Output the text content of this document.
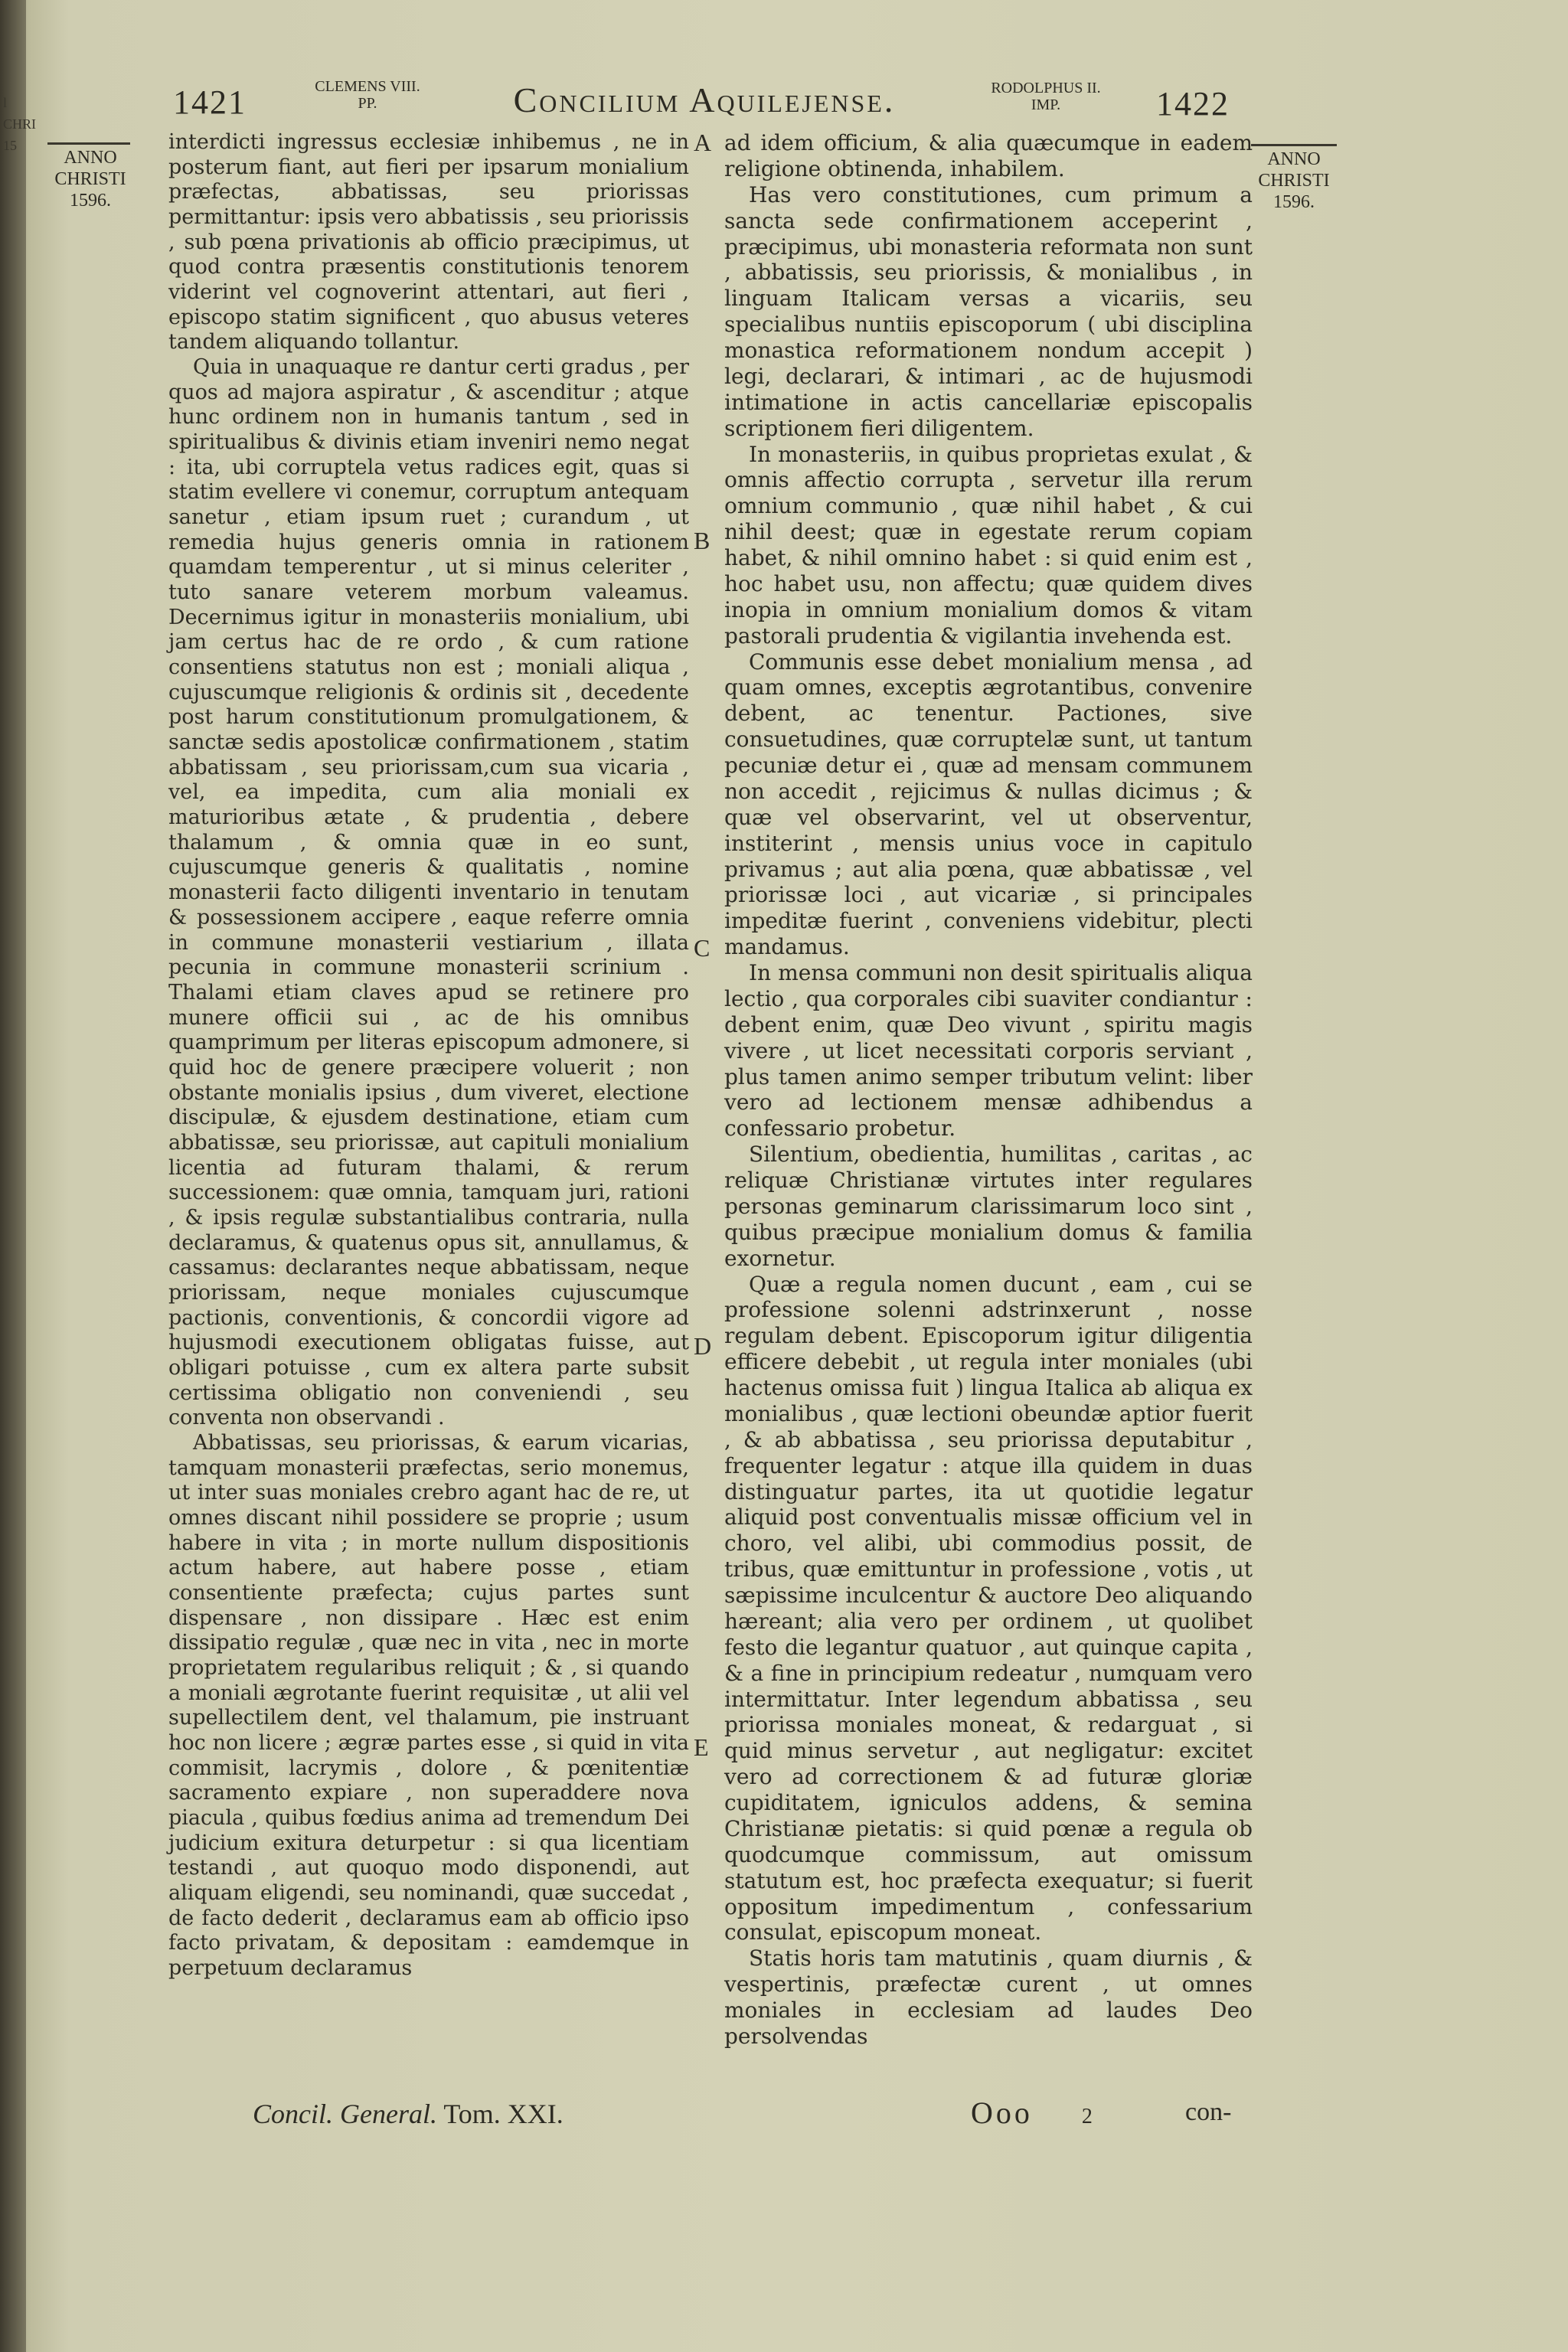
l
CHRI
15
1421	CLEMENS VIII.
PP.	Concilium Aquilejense.	RODOLPHUS II.
IMP.	1422
ANNO
CHRISTI
1596.
ANNO
CHRISTI
1596.

interdicti ingressus ecclesiæ inhibemus , ne in posterum fiant, aut fieri per ipsarum monialium præfectas, abbatissas, seu priorissas permittantur: ipsis vero abbatissis , seu priorissis , sub pœna privationis ab officio præcipimus, ut quod contra præsentis constitutionis tenorem viderint vel cognoverint attentari, aut fieri , episcopo statim significent , quo abusus veteres tandem aliquando tollantur.

Quia in unaquaque re dantur certi gradus , per quos ad majora aspiratur , & ascenditur ; atque hunc ordinem non in humanis tantum , sed in spiritualibus & divinis etiam inveniri nemo negat : ita, ubi corruptela vetus radices egit, quas si statim evellere vi conemur, corruptum antequam sanetur , etiam ipsum ruet ; curandum , ut remedia hujus generis omnia in rationem quamdam temperentur , ut si minus celeriter , tuto sanare veterem morbum valeamus. Decernimus igitur in monasteriis monialium, ubi jam certus hac de re ordo , & cum ratione consentiens statutus non est ; moniali aliqua , cujuscumque religionis & ordinis sit , decedente post harum constitutionum promulgationem, & sanctæ sedis apostolicæ confirmationem , statim abbatissam , seu priorissam,cum sua vicaria , vel, ea impedita, cum alia moniali ex maturioribus ætate , & prudentia , debere thalamum , & omnia quæ in eo sunt, cujuscumque generis & qualitatis , nomine monasterii facto diligenti inventario in tenutam & possessionem accipere , eaque referre omnia in commune monasterii vestiarium , illata pecunia in commune monasterii scrinium . Thalami etiam claves apud se retinere pro munere officii sui , ac de his omnibus quamprimum per literas episcopum admonere, si quid hoc de genere præcipere voluerit ; non obstante monialis ipsius , dum viveret, electione discipulæ, & ejusdem destinatione, etiam cum abbatissæ, seu priorissæ, aut capituli monialium licentia ad futuram thalami, & rerum successionem: quæ omnia, tamquam juri, rationi , & ipsis regulæ substantialibus contraria, nulla declaramus, & quatenus opus sit, annullamus, & cassamus: declarantes neque abbatissam, neque priorissam, neque moniales cujuscumque pactionis, conventionis, & concordii vigore ad hujusmodi executionem obligatas fuisse, aut obligari potuisse , cum ex altera parte subsit certissima obligatio non conveniendi , seu conventa non observandi .

Abbatissas, seu priorissas, & earum vicarias, tamquam monasterii præfectas, serio monemus, ut inter suas moniales crebro agant hac de re, ut omnes discant nihil possidere se proprie ; usum habere in vita ; in morte nullum dispositionis actum habere, aut habere posse , etiam consentiente præfecta; cujus partes sunt dispensare , non dissipare . Hæc est enim dissipatio regulæ , quæ nec in vita , nec in morte proprietatem regularibus reliquit ; & , si quando a moniali ægrotante fuerint requisitæ , ut alii vel supellectilem dent, vel thalamum, pie instruant hoc non licere ; ægræ partes esse , si quid in vita commisit, lacrymis , dolore , & pœnitentiæ sacramento expiare , non superaddere nova piacula , quibus fœdius anima ad tremendum Dei judicium exitura deturpetur : si qua licentiam testandi , aut quoquo modo disponendi, aut aliquam eligendi, seu nominandi, quæ succedat , de facto dederit , declaramus eam ab officio ipso facto privatam, & depositam : eamdemque in perpetuum declaramus

A
B
C
D
E

ad idem officium, & alia quæcumque in eadem religione obtinenda, inhabilem.

Has vero constitutiones, cum primum a sancta sede confirmationem acceperint , præcipimus, ubi monasteria reformata non sunt , abbatissis, seu priorissis, & monialibus , in linguam Italicam versas a vicariis, seu specialibus nuntiis episcoporum ( ubi disciplina monastica reformationem nondum accepit ) legi, declarari, & intimari , ac de hujusmodi intimatione in actis cancellariæ episcopalis scriptionem fieri diligentem.

In monasteriis, in quibus proprietas exulat , & omnis affectio corrupta , servetur illa rerum omnium communio , quæ nihil habet , & cui nihil deest; quæ in egestate rerum copiam habet, & nihil omnino habet : si quid enim est , hoc habet usu, non affectu; quæ quidem dives inopia in omnium monialium domos & vitam pastorali prudentia & vigilantia invehenda est.

Communis esse debet monialium mensa , ad quam omnes, exceptis ægrotantibus, convenire debent, ac tenentur. Pactiones, sive consuetudines, quæ corruptelæ sunt, ut tantum pecuniæ detur ei , quæ ad mensam communem non accedit , rejicimus & nullas dicimus ; & quæ vel observarint, vel ut observentur, institerint , mensis unius voce in capitulo privamus ; aut alia pœna, quæ abbatissæ , vel priorissæ loci , aut vicariæ , si principales impeditæ fuerint , conveniens videbitur, plecti mandamus.

In mensa communi non desit spiritualis aliqua lectio , qua corporales cibi suaviter condiantur : debent enim, quæ Deo vivunt , spiritu magis vivere , ut licet necessitati corporis serviant , plus tamen animo semper tributum velint: liber vero ad lectionem mensæ adhibendus a confessario probetur.

Silentium, obedientia, humilitas , caritas , ac reliquæ Christianæ virtutes inter regulares personas geminarum clarissimarum loco sint , quibus præcipue monialium domus & familia exornetur.

Quæ a regula nomen ducunt , eam , cui se professione solenni adstrinxerunt , nosse regulam debent. Episcoporum igitur diligentia efficere debebit , ut regula inter moniales (ubi hactenus omissa fuit ) lingua Italica ab aliqua ex monialibus , quæ lectioni obeundæ aptior fuerit , & ab abbatissa , seu priorissa deputabitur , frequenter legatur : atque illa quidem in duas distinguatur partes, ita ut quotidie legatur aliquid post conventualis missæ officium vel in choro, vel alibi, ubi commodius possit, de tribus, quæ emittuntur in professione , votis , ut sæpissime inculcentur & auctore Deo aliquando hæreant; alia vero per ordinem , ut quolibet festo die legantur quatuor , aut quinque capita , & a fine in principium redeatur , numquam vero intermittatur. Inter legendum abbatissa , seu priorissa moniales moneat, & redarguat , si quid minus servetur , aut negligatur: excitet vero ad correctionem & ad futuræ gloriæ cupiditatem, igniculos addens, & semina Christianæ pietatis: si quid pœnæ a regula ob quodcumque commissum, aut omissum statutum est, hoc præfecta exequatur; si fuerit oppositum impedimentum , confessarium consulat, episcopum moneat.

Statis horis tam matutinis , quam diurnis , & vespertinis, præfectæ curent , ut omnes moniales in ecclesiam ad laudes Deo persolvendas

Concil. General. Tom. XXI.	Ooo 2	con-
